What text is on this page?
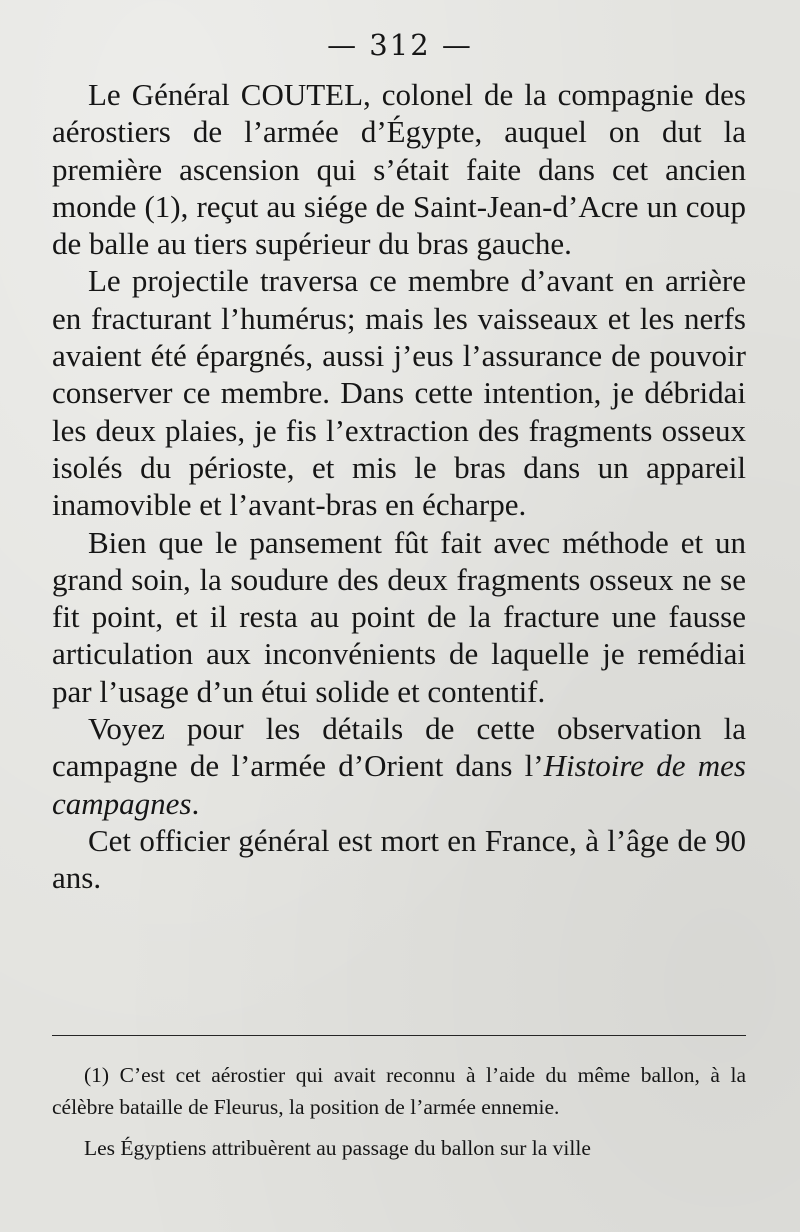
— 312 —

Le Général COUTEL, colonel de la compagnie des aérostiers de l’armée d’Égypte, auquel on dut la première ascension qui s’était faite dans cet ancien monde (1), reçut au siége de Saint-Jean-d’Acre un coup de balle au tiers supérieur du bras gauche.

Le projectile traversa ce membre d’avant en arrière en fracturant l’humérus; mais les vaisseaux et les nerfs avaient été épargnés, aussi j’eus l’assurance de pouvoir conserver ce membre. Dans cette intention, je débridai les deux plaies, je fis l’extraction des fragments osseux isolés du périoste, et mis le bras dans un appareil inamovible et l’avant-bras en écharpe.

Bien que le pansement fût fait avec méthode et un grand soin, la soudure des deux fragments osseux ne se fit point, et il resta au point de la fracture une fausse articulation aux inconvénients de laquelle je remédiai par l’usage d’un étui solide et contentif.

Voyez pour les détails de cette observation la campagne de l’armée d’Orient dans l’Histoire de mes campagnes.

Cet officier général est mort en France, à l’âge de 90 ans.

(1) C’est cet aérostier qui avait reconnu à l’aide du même ballon, à la célèbre bataille de Fleurus, la position de l’armée ennemie.

Les Égyptiens attribuèrent au passage du ballon sur la ville
